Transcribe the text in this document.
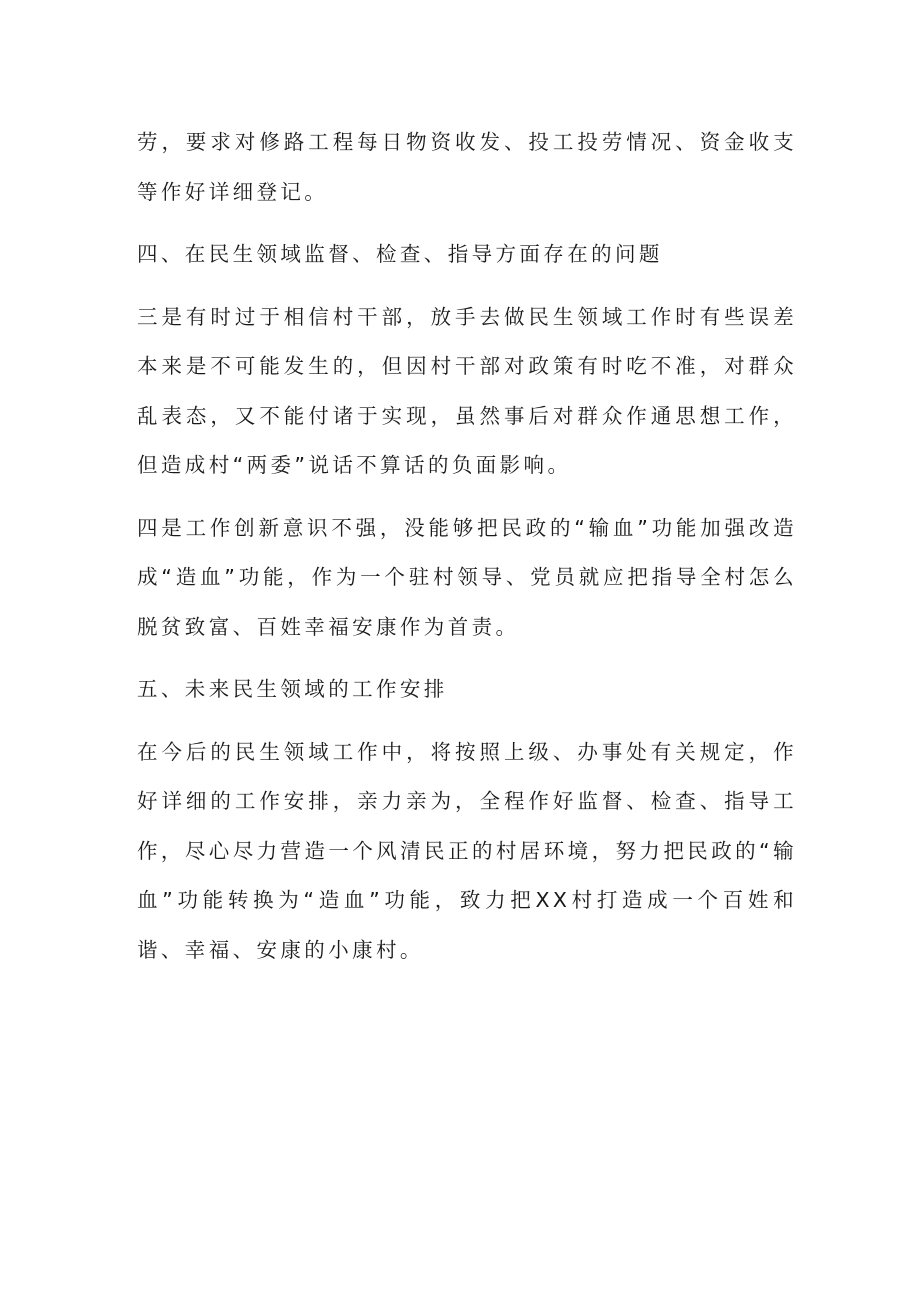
劳，要求对修路工程每日物资收发、投工投劳情况、资金收支等作好详细登记。

四、在民生领域监督、检查、指导方面存在的问题

三是有时过于相信村干部，放手去做民生领域工作时有些误差本来是不可能发生的，但因村干部对政策有时吃不准，对群众乱表态，又不能付诸于实现，虽然事后对群众作通思想工作，但造成村“两委”说话不算话的负面影响。

四是工作创新意识不强，没能够把民政的“输血”功能加强改造成“造血”功能，作为一个驻村领导、党员就应把指导全村怎么脱贫致富、百姓幸福安康作为首责。

五、未来民生领域的工作安排

在今后的民生领域工作中，将按照上级、办事处有关规定，作好详细的工作安排，亲力亲为，全程作好监督、检查、指导工作，尽心尽力营造一个风清民正的村居环境，努力把民政的“输血”功能转换为“造血”功能，致力把XX村打造成一个百姓和谐、幸福、安康的小康村。
